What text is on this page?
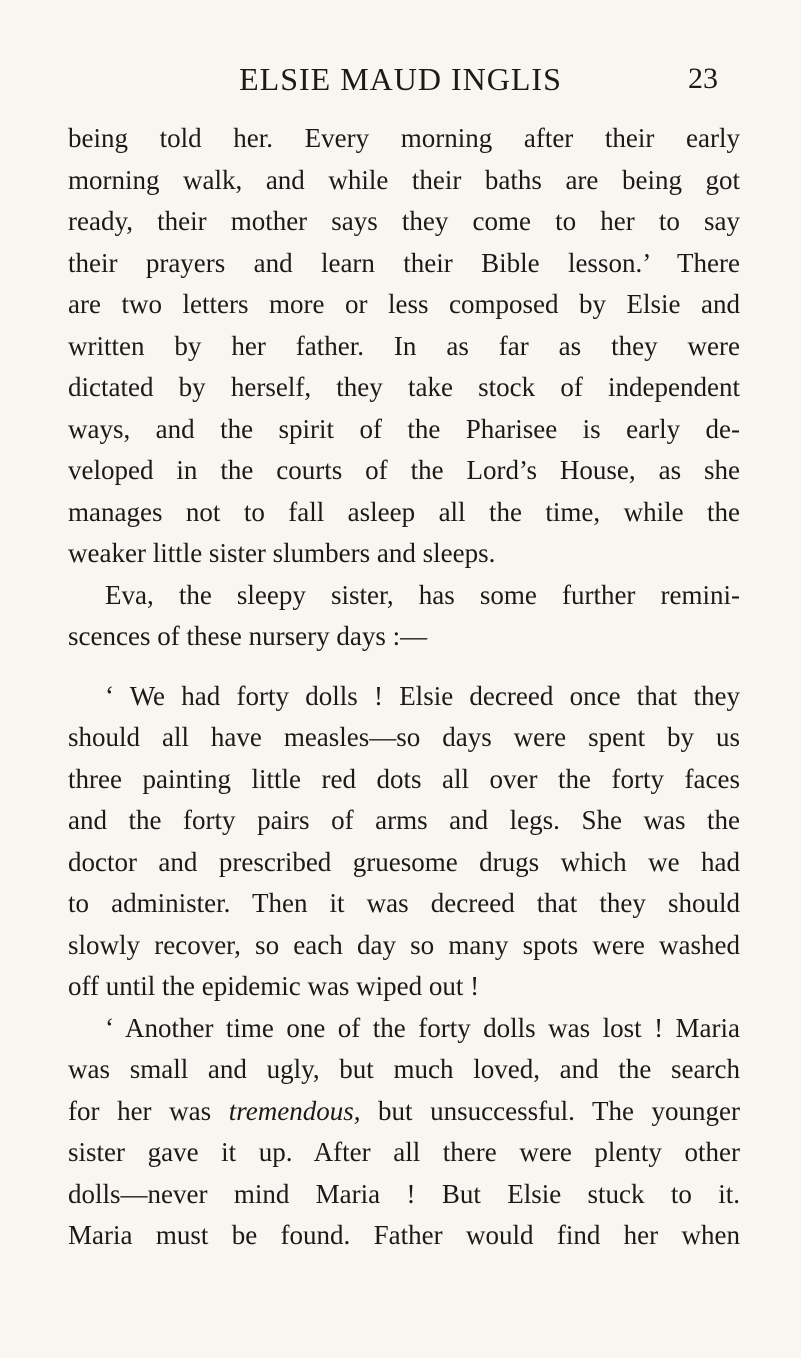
ELSIE MAUD INGLIS	23

being told her. Every morning after their early
morning walk, and while their baths are being got
ready, their mother says they come to her to say
their prayers and learn their Bible lesson.’ There
are two letters more or less composed by Elsie and
written by her father. In as far as they were
dictated by herself, they take stock of independent
ways, and the spirit of the Pharisee is early de-
veloped in the courts of the Lord’s House, as she
manages not to fall asleep all the time, while the
weaker little sister slumbers and sleeps.

Eva, the sleepy sister, has some further remini-
scences of these nursery days :—

‘ We had forty dolls ! Elsie decreed once that they
should all have measles—so days were spent by us
three painting little red dots all over the forty faces
and the forty pairs of arms and legs. She was the
doctor and prescribed gruesome drugs which we had
to administer. Then it was decreed that they should
slowly recover, so each day so many spots were washed
off until the epidemic was wiped out !

‘ Another time one of the forty dolls was lost ! Maria
was small and ugly, but much loved, and the search
for her was tremendous, but unsuccessful. The younger
sister gave it up. After all there were plenty other
dolls—never mind Maria ! But Elsie stuck to it.
Maria must be found. Father would find her when
